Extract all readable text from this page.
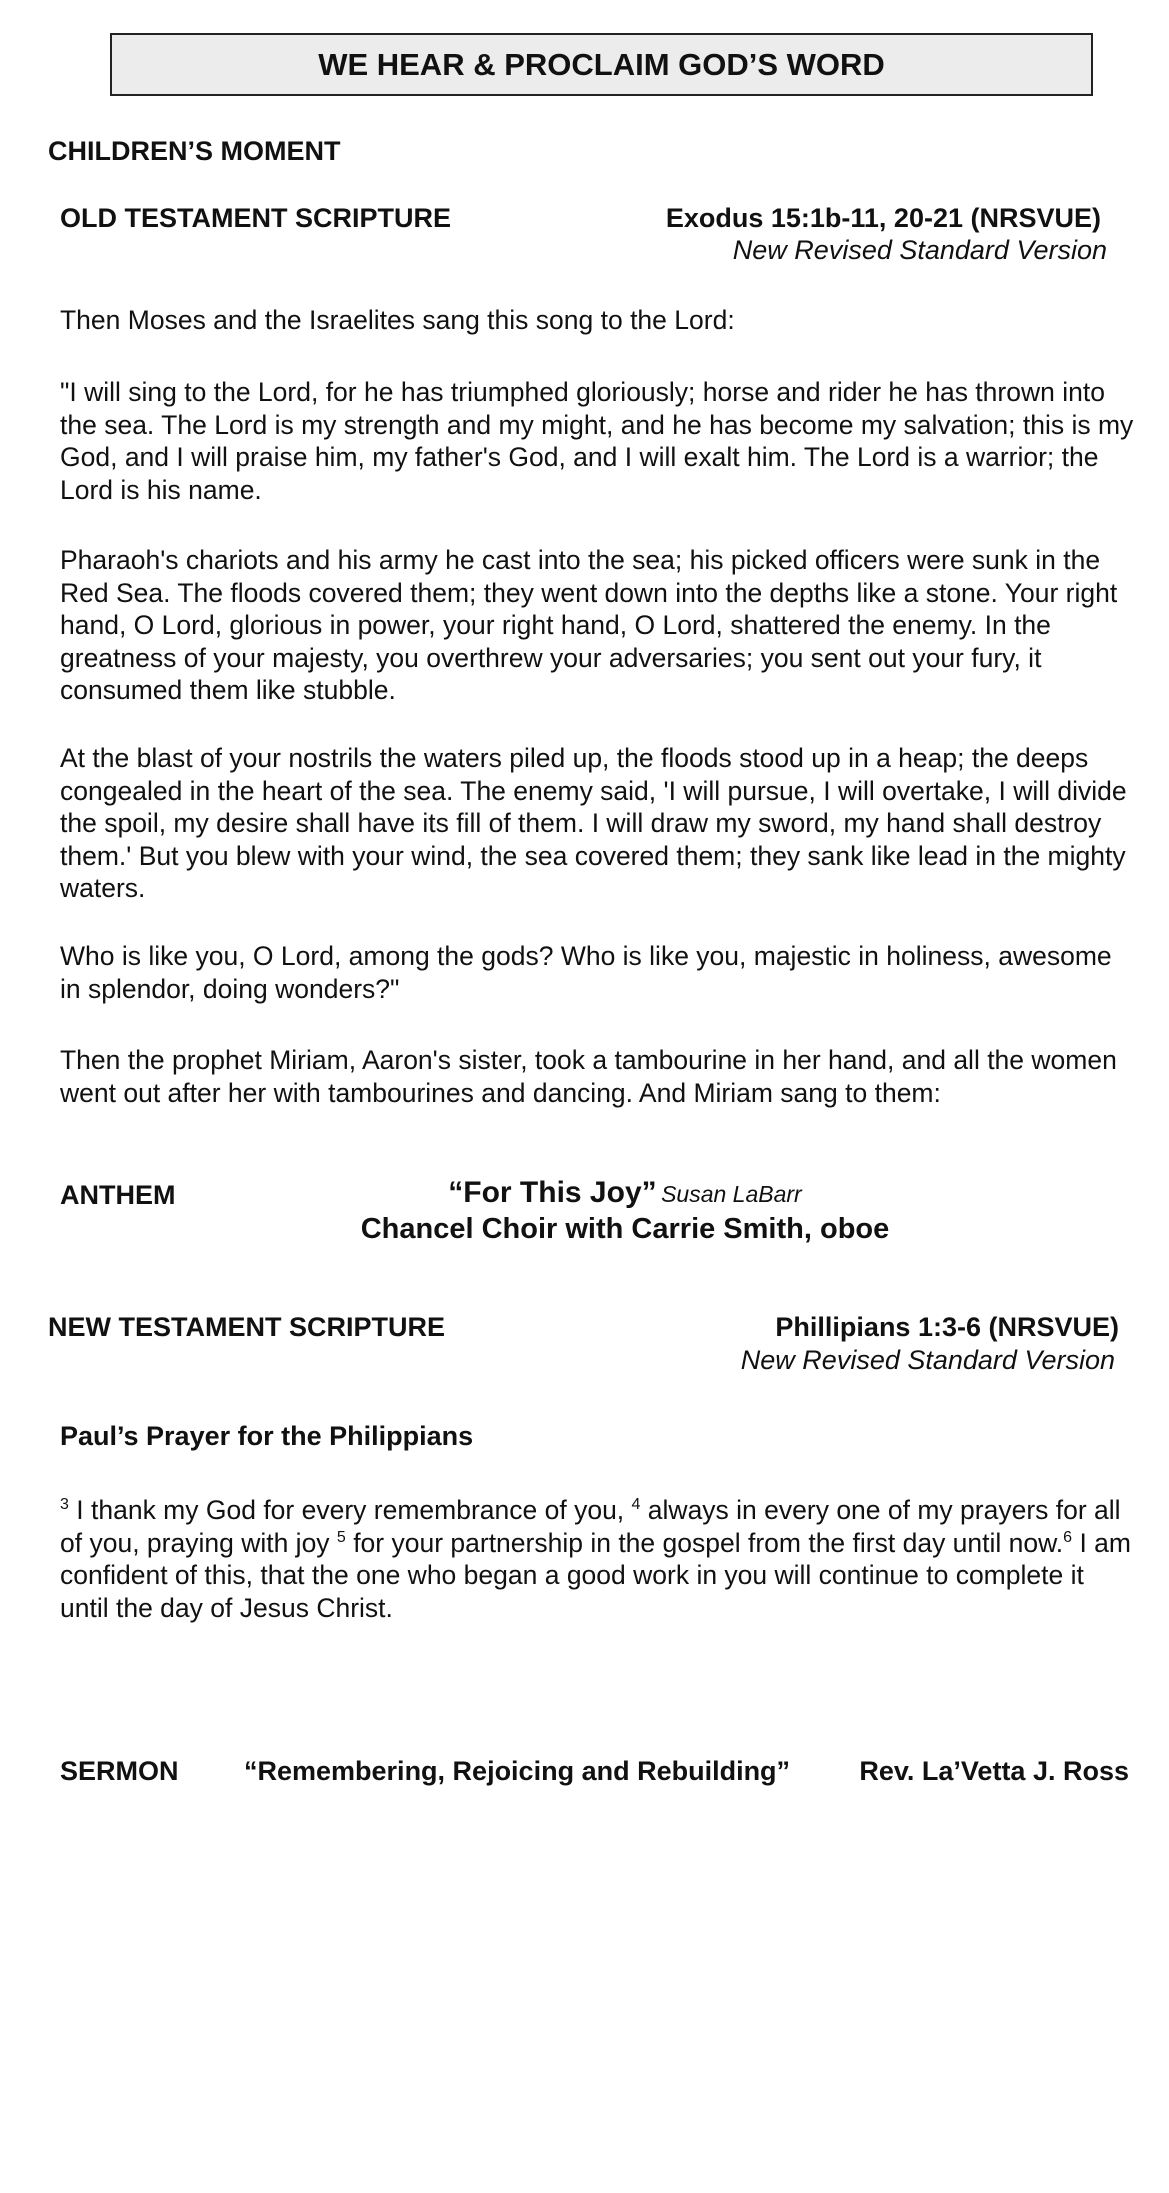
WE HEAR & PROCLAIM GOD’S WORD
CHILDREN’S MOMENT
OLD TESTAMENT SCRIPTURE	Exodus 15:1b-11, 20-21 (NRSVUE)
New Revised Standard Version

Then Moses and the Israelites sang this song to the Lord:

"I will sing to the Lord, for he has triumphed gloriously; horse and rider he has thrown into the sea. The Lord is my strength and my might, and he has become my salvation; this is my God, and I will praise him, my father's God, and I will exalt him. The Lord is a warrior; the Lord is his name.

Pharaoh's chariots and his army he cast into the sea; his picked officers were sunk in the Red Sea. The floods covered them; they went down into the depths like a stone. Your right hand, O Lord, glorious in power, your right hand, O Lord, shattered the enemy. In the greatness of your majesty, you overthrew your adversaries; you sent out your fury, it consumed them like stubble.

At the blast of your nostrils the waters piled up, the floods stood up in a heap; the deeps congealed in the heart of the sea. The enemy said, 'I will pursue, I will overtake, I will divide the spoil, my desire shall have its fill of them. I will draw my sword, my hand shall destroy them.' But you blew with your wind, the sea covered them; they sank like lead in the mighty waters.

Who is like you, O Lord, among the gods? Who is like you, majestic in holiness, awesome in splendor, doing wonders?"

Then the prophet Miriam, Aaron's sister, took a tambourine in her hand, and all the women went out after her with tambourines and dancing. And Miriam sang to them:

ANTHEM	“For This Joy” Susan LaBarr
Chancel Choir with Carrie Smith, oboe
NEW TESTAMENT SCRIPTURE	Phillipians 1:3-6 (NRSVUE)
New Revised Standard Version
Paul’s Prayer for the Philippians

$^3$ I thank my God for every remembrance of you, $^4$ always in every one of my prayers for all of you, praying with joy $^5$ for your partnership in the gospel from the first day until now.$^6$ I am confident of this, that the one who began a good work in you will continue to complete it until the day of Jesus Christ.

SERMON “Remembering, Rejoicing and Rebuilding”	Rev. La’Vetta J. Ross
